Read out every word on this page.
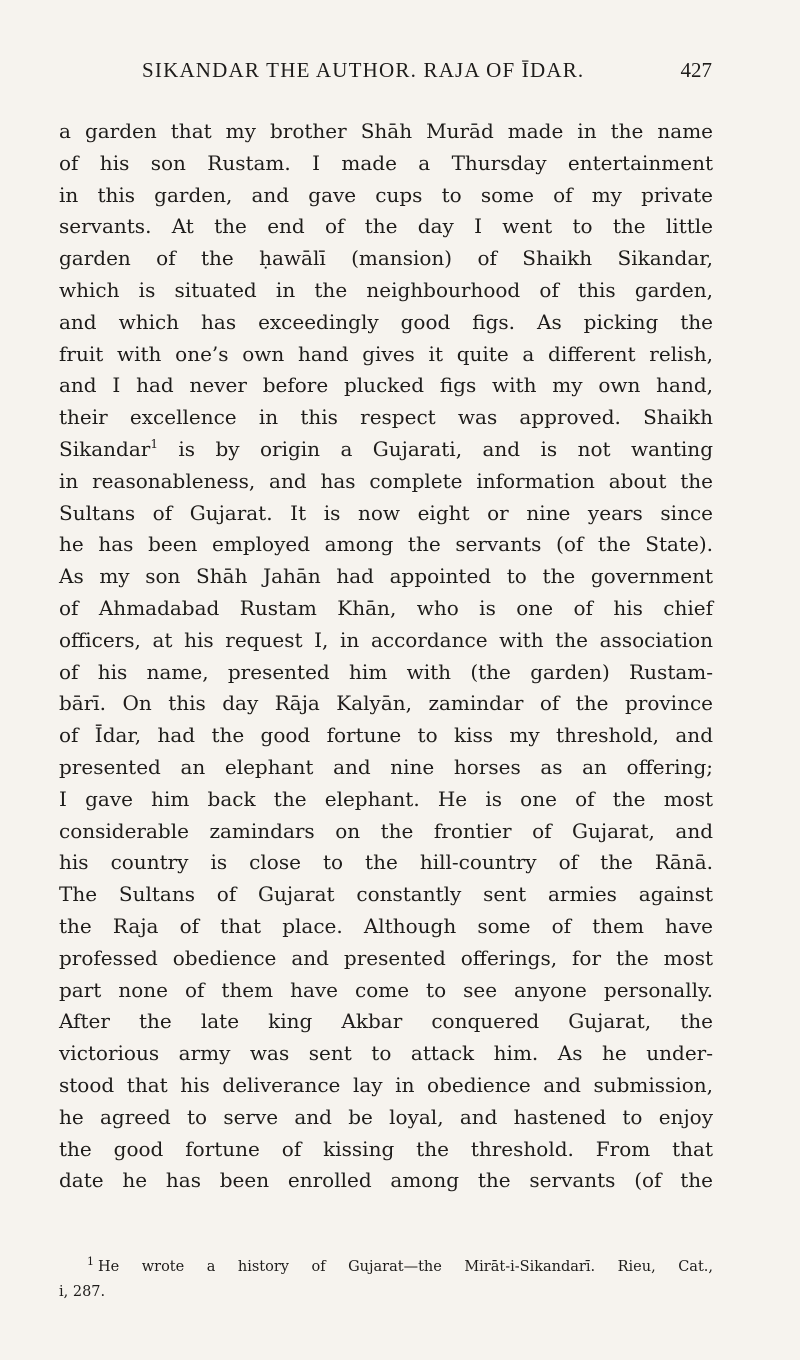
SIKANDAR THE AUTHOR. RAJA OF ĪDAR.	427
a garden that my brother Shāh Murād made in the name
of his son Rustam. I made a Thursday entertainment
in this garden, and gave cups to some of my private
servants. At the end of the day I went to the little
garden of the ḥawālī (mansion) of Shaikh Sikandar,
which is situated in the neighbourhood of this garden,
and which has exceedingly good figs. As picking the
fruit with one’s own hand gives it quite a different relish,
and I had never before plucked figs with my own hand,
their excellence in this respect was approved. Shaikh
Sikandar$^1$ is by origin a Gujarati, and is not wanting
in reasonableness, and has complete information about the
Sultans of Gujarat. It is now eight or nine years since
he has been employed among the servants (of the State).
As my son Shāh Jahān had appointed to the government
of Ahmadabad Rustam Khān, who is one of his chief
officers, at his request I, in accordance with the association
of his name, presented him with (the garden) Rustam-
bārī. On this day Rāja Kalyān, zamindar of the province
of Īdar, had the good fortune to kiss my threshold, and
presented an elephant and nine horses as an offering;
I gave him back the elephant. He is one of the most
considerable zamindars on the frontier of Gujarat, and
his country is close to the hill-country of the Rānā.
The Sultans of Gujarat constantly sent armies against
the Raja of that place. Although some of them have
professed obedience and presented offerings, for the most
part none of them have come to see anyone personally.
After the late king Akbar conquered Gujarat, the
victorious army was sent to attack him. As he under-
stood that his deliverance lay in obedience and submission,
he agreed to serve and be loyal, and hastened to enjoy
the good fortune of kissing the threshold. From that
date he has been enrolled among the servants (of the
$^1$ He wrote a history of Gujarat—the Mirāt-i-Sikandarī. Rieu, Cat.,
i, 287.
